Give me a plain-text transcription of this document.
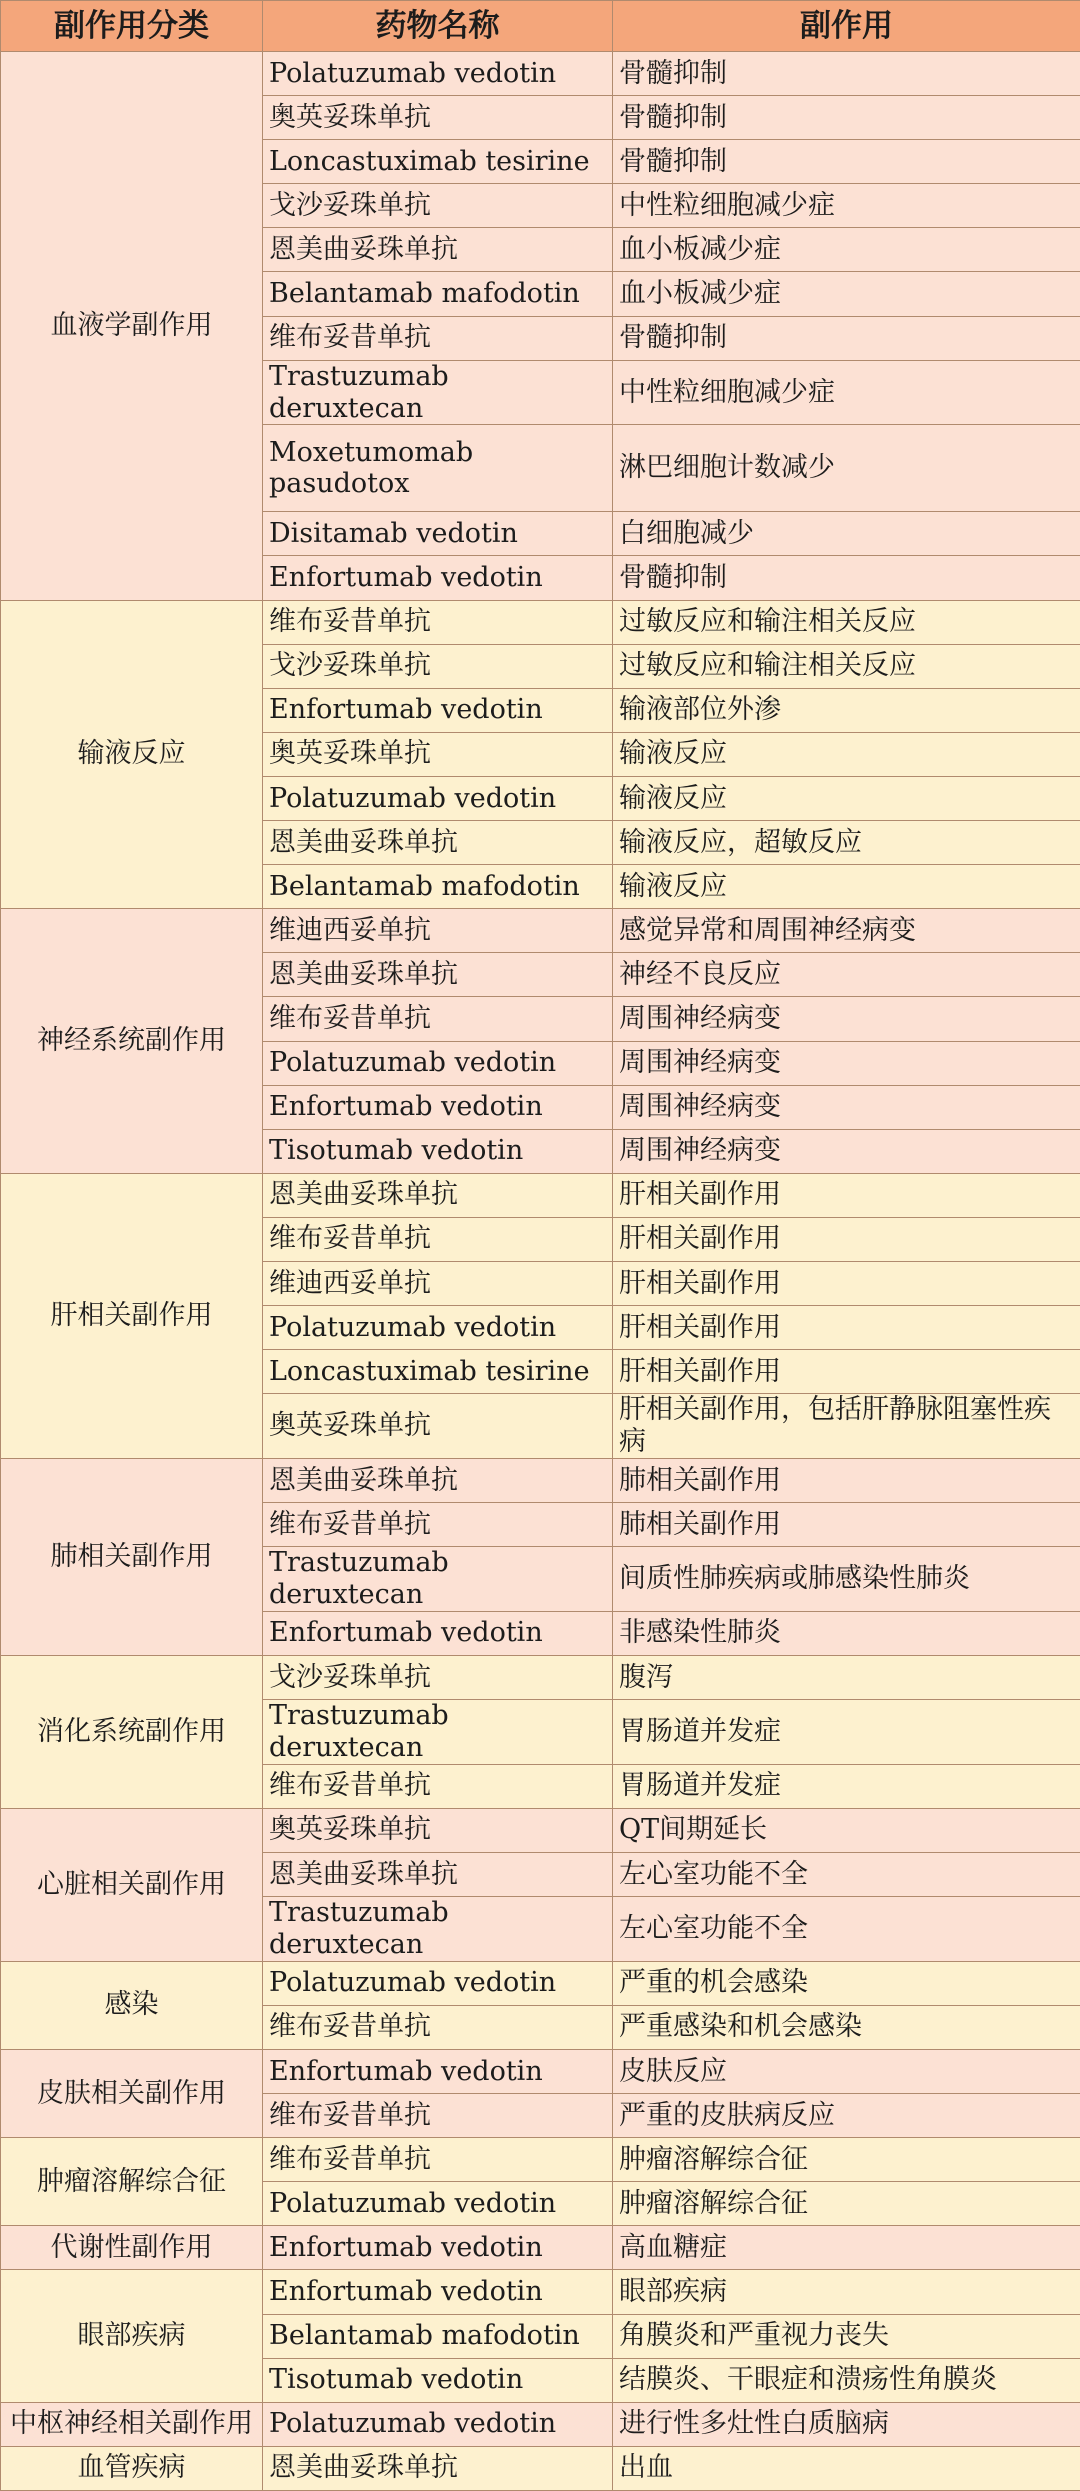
副作用分类	药物名称	副作用
血液学副作用	Polatuzumab vedotin	骨髓抑制
	奥英妥珠单抗	骨髓抑制
	Loncastuximab tesirine	骨髓抑制
	戈沙妥珠单抗	中性粒细胞减少症
	恩美曲妥珠单抗	血小板减少症
	Belantamab mafodotin	血小板减少症
	维布妥昔单抗	骨髓抑制
	Trastuzumab deruxtecan	中性粒细胞减少症
	Moxetumomab pasudotox	淋巴细胞计数减少
	Disitamab vedotin	白细胞减少
	Enfortumab vedotin	骨髓抑制
输液反应	维布妥昔单抗	过敏反应和输注相关反应
	戈沙妥珠单抗	过敏反应和输注相关反应
	Enfortumab vedotin	输液部位外渗
	奥英妥珠单抗	输液反应
	Polatuzumab vedotin	输液反应
	恩美曲妥珠单抗	输液反应，超敏反应
	Belantamab mafodotin	输液反应
神经系统副作用	维迪西妥单抗	感觉异常和周围神经病变
	恩美曲妥珠单抗	神经不良反应
	维布妥昔单抗	周围神经病变
	Polatuzumab vedotin	周围神经病变
	Enfortumab vedotin	周围神经病变
	Tisotumab vedotin	周围神经病变
肝相关副作用	恩美曲妥珠单抗	肝相关副作用
	维布妥昔单抗	肝相关副作用
	维迪西妥单抗	肝相关副作用
	Polatuzumab vedotin	肝相关副作用
	Loncastuximab tesirine	肝相关副作用
	奥英妥珠单抗	肝相关副作用，包括肝静脉阻塞性疾病
肺相关副作用	恩美曲妥珠单抗	肺相关副作用
	维布妥昔单抗	肺相关副作用
	Trastuzumab deruxtecan	间质性肺疾病或肺感染性肺炎
	Enfortumab vedotin	非感染性肺炎
消化系统副作用	戈沙妥珠单抗	腹泻
	Trastuzumab deruxtecan	胃肠道并发症
	维布妥昔单抗	胃肠道并发症
心脏相关副作用	奥英妥珠单抗	QT间期延长
	恩美曲妥珠单抗	左心室功能不全
	Trastuzumab deruxtecan	左心室功能不全
感染	Polatuzumab vedotin	严重的机会感染
	维布妥昔单抗	严重感染和机会感染
皮肤相关副作用	Enfortumab vedotin	皮肤反应
	维布妥昔单抗	严重的皮肤病反应
肿瘤溶解综合征	维布妥昔单抗	肿瘤溶解综合征
	Polatuzumab vedotin	肿瘤溶解综合征
代谢性副作用	Enfortumab vedotin	高血糖症
眼部疾病	Enfortumab vedotin	眼部疾病
	Belantamab mafodotin	角膜炎和严重视力丧失
	Tisotumab vedotin	结膜炎、干眼症和溃疡性角膜炎
中枢神经相关副作用	Polatuzumab vedotin	进行性多灶性白质脑病
血管疾病	恩美曲妥珠单抗	出血
